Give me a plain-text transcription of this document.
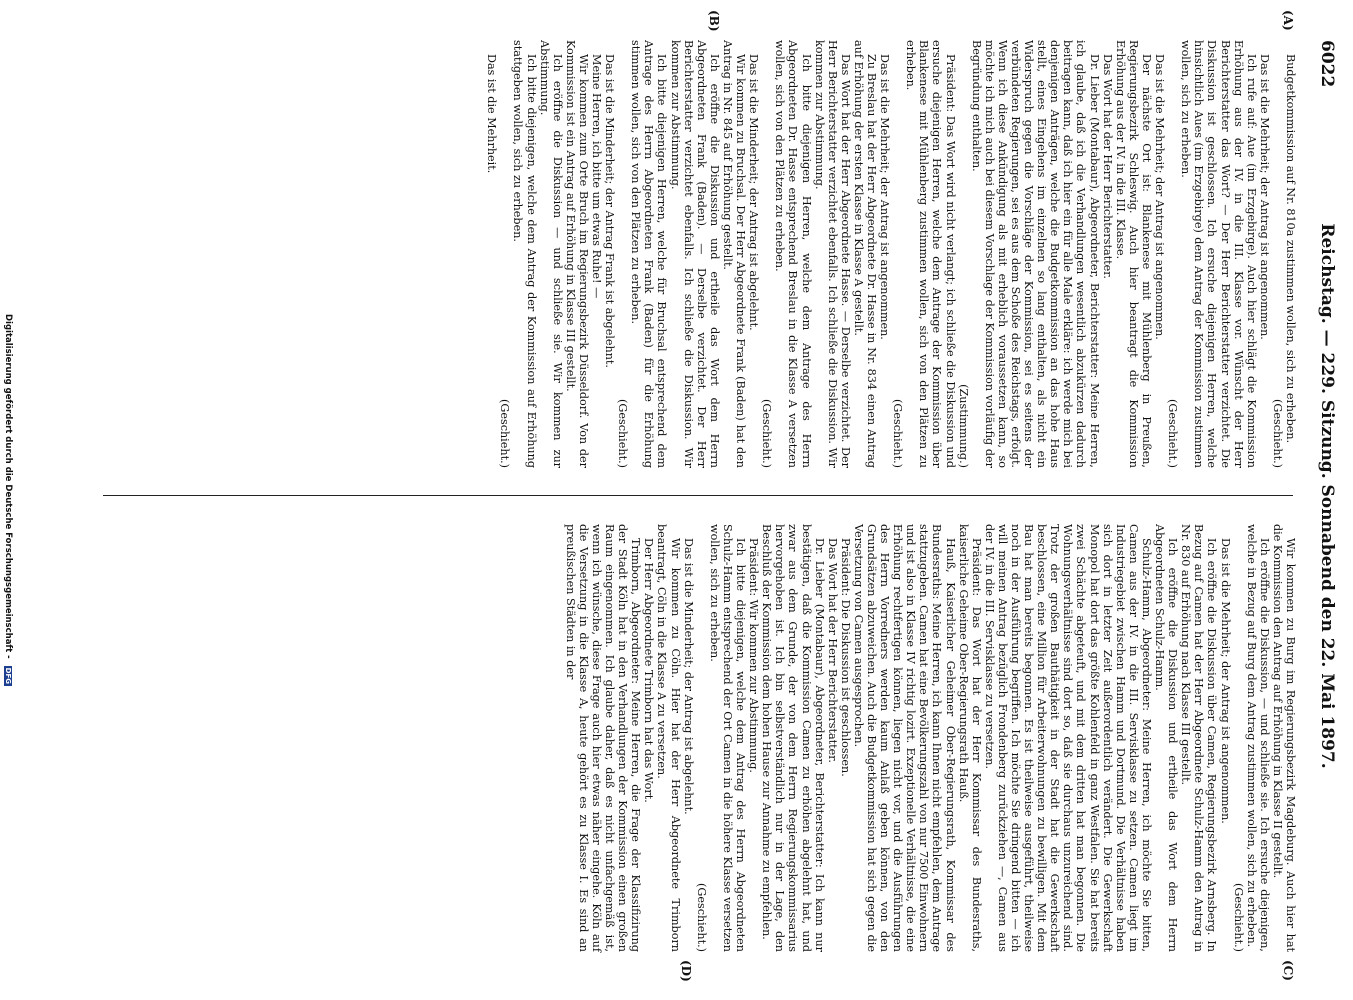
6022
Reichstag. — 229. Sitzung. Sonnabend den 22. Mai 1897.
(A)
(B)
(C)
(D)

Budgetkommission auf Nr. 810a zustimmen wollen, sich zu erheben.

(Geschieht.)

Das ist die Mehrheit; der Antrag ist angenommen.

Ich rufe auf: Aue (im Erzgebirge). Auch hier schlägt die Kommission Erhöhung aus der IV. in die III. Klasse vor. Wünscht der Herr Berichterstatter das Wort? — Der Herr Berichterstatter verzichtet. Die Diskussion ist geschlossen. Ich ersuche diejenigen Herren, welche hinsichtlich Aues (im Erzgebirge) dem Antrag der Kommission zustimmen wollen, sich zu erheben.

(Geschieht.)

Das ist die Mehrheit; der Antrag ist angenommen.

Der nächste Ort ist: Blankenese mit Mühlenberg in Preußen, Regierungsbezirk Schleswig. Auch hier beantragt die Kommission Erhöhung aus der IV. in die III. Klasse.

Das Wort hat der Herr Berichterstatter.

Dr. Lieber (Montabaur), Abgeordneter, Berichterstatter: Meine Herren, ich glaube, daß ich die Verhandlungen wesentlich abzukürzen dadurch beitragen kann, daß ich hier ein für alle Male erkläre: ich werde mich bei denjenigen Anträgen, welche die Budgetkommission an das hohe Haus stellt, eines Eingehens im einzelnen so lang enthalten, als nicht ein Widerspruch gegen die Vorschläge der Kommission, sei es seitens der verbündeten Regierungen, sei es aus dem Schoße des Reichstags, erfolgt. Wenn ich diese Ankündigung als mit erheblich voraussetzen kann, so möchte ich mich auch bei diesem Vorschlage der Kommission vorläufig der Begründung enthalten.

(Zustimmung.)

Präsident: Das Wort wird nicht verlangt; ich schließe die Diskussion und ersuche diejenigen Herren, welche dem Antrage der Kommission über Blankenese mit Mühlenberg zustimmen wollen, sich von den Plätzen zu erheben.

(Geschieht.)

Das ist die Mehrheit; der Antrag ist angenommen.

Zu Breslau hat der Herr Abgeordnete Dr. Hasse in Nr. 834 einen Antrag auf Erhöhung der ersten Klasse in Klasse A gestellt.

Das Wort hat der Herr Abgeordnete Hasse. — Derselbe verzichtet. Der Herr Berichterstatter verzichtet ebenfalls. Ich schließe die Diskussion. Wir kommen zur Abstimmung.

Ich bitte diejenigen Herren, welche dem Antrage des Herrn Abgeordneten Dr. Hasse entsprechend Breslau in die Klasse A versetzen wollen, sich von den Plätzen zu erheben.

(Geschieht.)

Das ist die Minderheit; der Antrag ist abgelehnt.

Wir kommen zu Bruchsal. Der Herr Abgeordnete Frank (Baden) hat den Antrag in Nr. 845 auf Erhöhung gestellt.

Ich eröffne die Diskussion und ertheile das Wort dem Herrn Abgeordneten Frank (Baden). — Derselbe verzichtet. Der Herr Berichterstatter verzichtet ebenfalls. Ich schließe die Diskussion. Wir kommen zur Abstimmung.

Ich bitte diejenigen Herren, welche für Bruchsal entsprechend dem Antrage des Herrn Abgeordneten Frank (Baden) für die Erhöhung stimmen wollen, sich von den Plätzen zu erheben.

(Geschieht.)

Das ist die Minderheit; der Antrag Frank ist abgelehnt.

Meine Herren, ich bitte um etwas Ruhe! —

Wir kommen zum Orte Bruch im Regierungsbezirk Düsseldorf. Von der Kommission ist ein Antrag auf Erhöhung in Klasse III gestellt.

Ich eröffne die Diskussion — und schließe sie. Wir kommen zur Abstimmung.

Ich bitte diejenigen, welche dem Antrag der Kommission auf Erhöhung stattgeben wollen, sich zu erheben.

(Geschieht.)

Das ist die Mehrheit.

Wir kommen zu Burg im Regierungsbezirk Magdeburg. Auch hier hat die Kommission den Antrag auf Erhöhung in Klasse II gestellt.

Ich eröffne die Diskussion, — und schließe sie. Ich ersuche diejenigen, welche in Bezug auf Burg dem Antrag zustimmen wollen, sich zu erheben.

(Geschieht.)

Das ist die Mehrheit; der Antrag ist angenommen.

Ich eröffne die Diskussion über Camen, Regierungsbezirk Arnsberg. In Bezug auf Camen hat der Herr Abgeordnete Schulz-Hamm den Antrag in Nr. 830 auf Erhöhung nach Klasse III gestellt.

Ich eröffne die Diskussion und ertheile das Wort dem Herrn Abgeordneten Schulz-Hamm.

Schulz-Hamm, Abgeordneter: Meine Herren, ich möchte Sie bitten, Camen aus der IV. in die III. Servisklasse zu setzen. Camen liegt im Industriegebiet zwischen Hamm und Dortmund. Die Verhältnisse haben sich dort in letzter Zeit außerordentlich verändert. Die Gewerkschaft Monopol hat dort das größte Kohlenfeld in ganz Westfalen. Sie hat bereits zwei Schächte abgeteuft, und mit dem dritten hat man begonnen. Die Wohnungsverhältnisse sind dort so, daß sie durchaus unzureichend sind. Trotz der großen Bauthätigkeit in der Stadt hat die Gewerkschaft beschlossen, eine Million für Arbeiterwohnungen zu bewilligen. Mit dem Bau hat man bereits begonnen. Es ist theilweise ausgeführt, theilweise noch in der Ausführung begriffen. Ich möchte Sie dringend bitten — ich will meinen Antrag bezüglich Frondenberg zurückziehen —, Camen aus der IV. in die III. Servisklasse zu versetzen.

Präsident: Das Wort hat der Herr Kommissar des Bundesraths, kaiserliche Geheime Ober-Regierungsrath Hauß.

Hauß, Kaiserlicher Geheimer Ober-Regierungsrath, Kommissar des Bundesraths: Meine Herren, ich kann Ihnen nicht empfehlen, dem Antrage stattzugeben. Camen hat eine Bevölkerungszahl von nur 7500 Einwohnern und ist also in Klasse IV richtig lozirt. Exzeptionelle Verhältnisse, die eine Erhöhung rechtfertigen können, liegen nicht vor, und die Ausführungen des Herrn Vorredners werden kaum Anlaß geben können, von den Grundsätzen abzuweichen. Auch die Budgetkommission hat sich gegen die Versetzung von Camen ausgesprochen.

Präsident: Die Diskussion ist geschlossen.

Das Wort hat der Herr Berichterstatter.

Dr. Lieber (Montabaur), Abgeordneter, Berichterstatter: Ich kann nur bestätigen, daß die Kommission Camen zu erhöhen abgelehnt hat, und zwar aus dem Grunde, der von dem Herrn Regierungskommissarius hervorgehoben ist. Ich bin selbstverständlich nur in der Lage, den Beschluß der Kommission dem hohen Hause zur Annahme zu empfehlen.

Präsident: Wir kommen zur Abstimmung.

Ich bitte diejenigen, welche dem Antrag des Herrn Abgeordneten Schulz-Hamm entsprechend der Ort Camen in die höhere Klasse versetzen wollen, sich zu erheben.

(Geschieht.)

Das ist die Minderheit; der Antrag ist abgelehnt.

Wir kommen zu Cöln. Hier hat der Herr Abgeordnete Trimborn beantragt, Cöln in die Klasse A zu versetzen.

Der Herr Abgeordnete Trimborn hat das Wort.

Trimborn, Abgeordneter: Meine Herren, die Frage der Klassifizirung der Stadt Köln hat in den Verhandlungen der Kommission einen großen Raum eingenommen. Ich glaube daher, daß es nicht unfachgemäß ist, wenn ich wünsche, diese Frage auch hier etwas näher eingehe. Köln auf die Versetzung in die Klasse A, heute gehört es zu Klasse I. Es sind an preußischen Städten in der

Digitalisierung gefördert durch die Deutsche Forschungsgemeinschaft - DFG
